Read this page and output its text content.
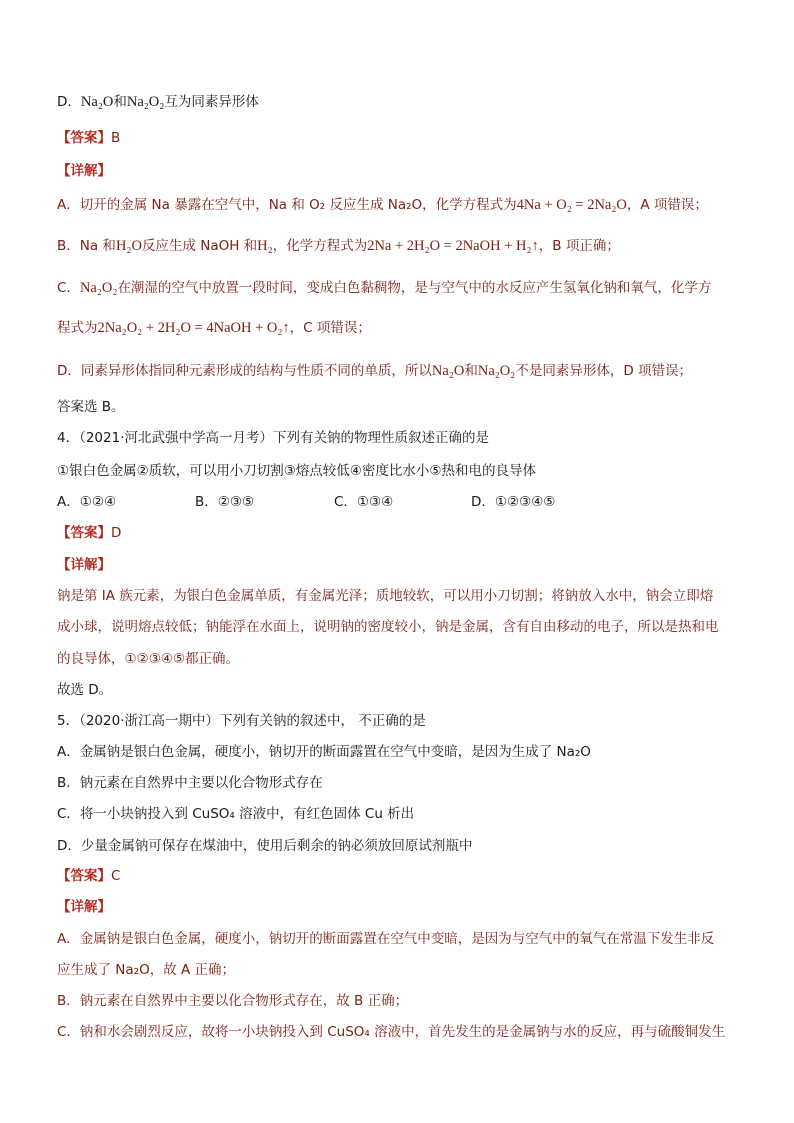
D．Na₂O和Na₂O₂互为同素异形体
【答案】B
【详解】
A．切开的金属 Na 暴露在空气中，Na 和 O₂ 反应生成 Na₂O，化学方程式为4Na + O₂ = 2Na₂O，A 项错误；
B．Na 和H₂O反应生成 NaOH 和H₂，化学方程式为2Na + 2H₂O = 2NaOH + H₂↑，B 项正确；
C．Na₂O₂在潮湿的空气中放置一段时间，变成白色黏稠物，是与空气中的水反应产生氢氧化钠和氧气，化学方
程式为2Na₂O₂ + 2H₂O = 4NaOH + O₂↑，C 项错误；
D．同素异形体指同种元素形成的结构与性质不同的单质，所以Na₂O和Na₂O₂不是同素异形体，D 项错误；
答案选 B。
4．（2021·河北武强中学高一月考）下列有关钠的物理性质叙述正确的是
①银白色金属②质软，可以用小刀切割③熔点较低④密度比水小⑤热和电的良导体
A．①②④	B．②③⑤	C．①③④	D．①②③④⑤
【答案】D
【详解】
钠是第 IA 族元素，为银白色金属单质，有金属光泽；质地较软，可以用小刀切割；将钠放入水中，钠会立即熔
成小球，说明熔点较低；钠能浮在水面上，说明钠的密度较小，钠是金属，含有自由移动的电子，所以是热和电
的良导体，①②③④⑤都正确。
故选 D。
5．（2020·浙江高一期中）下列有关钠的叙述中， 不正确的是
A．金属钠是银白色金属，硬度小，钠切开的断面露置在空气中变暗，是因为生成了 Na₂O
B．钠元素在自然界中主要以化合物形式存在
C．将一小块钠投入到 CuSO₄ 溶液中，有红色固体 Cu 析出
D．少量金属钠可保存在煤油中，使用后剩余的钠必须放回原试剂瓶中
【答案】C
【详解】
A．金属钠是银白色金属，硬度小，钠切开的断面露置在空气中变暗，是因为与空气中的氧气在常温下发生非反
应生成了 Na₂O，故 A 正确；
B．钠元素在自然界中主要以化合物形式存在，故 B 正确；
C．钠和水会剧烈反应，故将一小块钠投入到 CuSO₄ 溶液中，首先发生的是金属钠与水的反应，再与硫酸铜发生
